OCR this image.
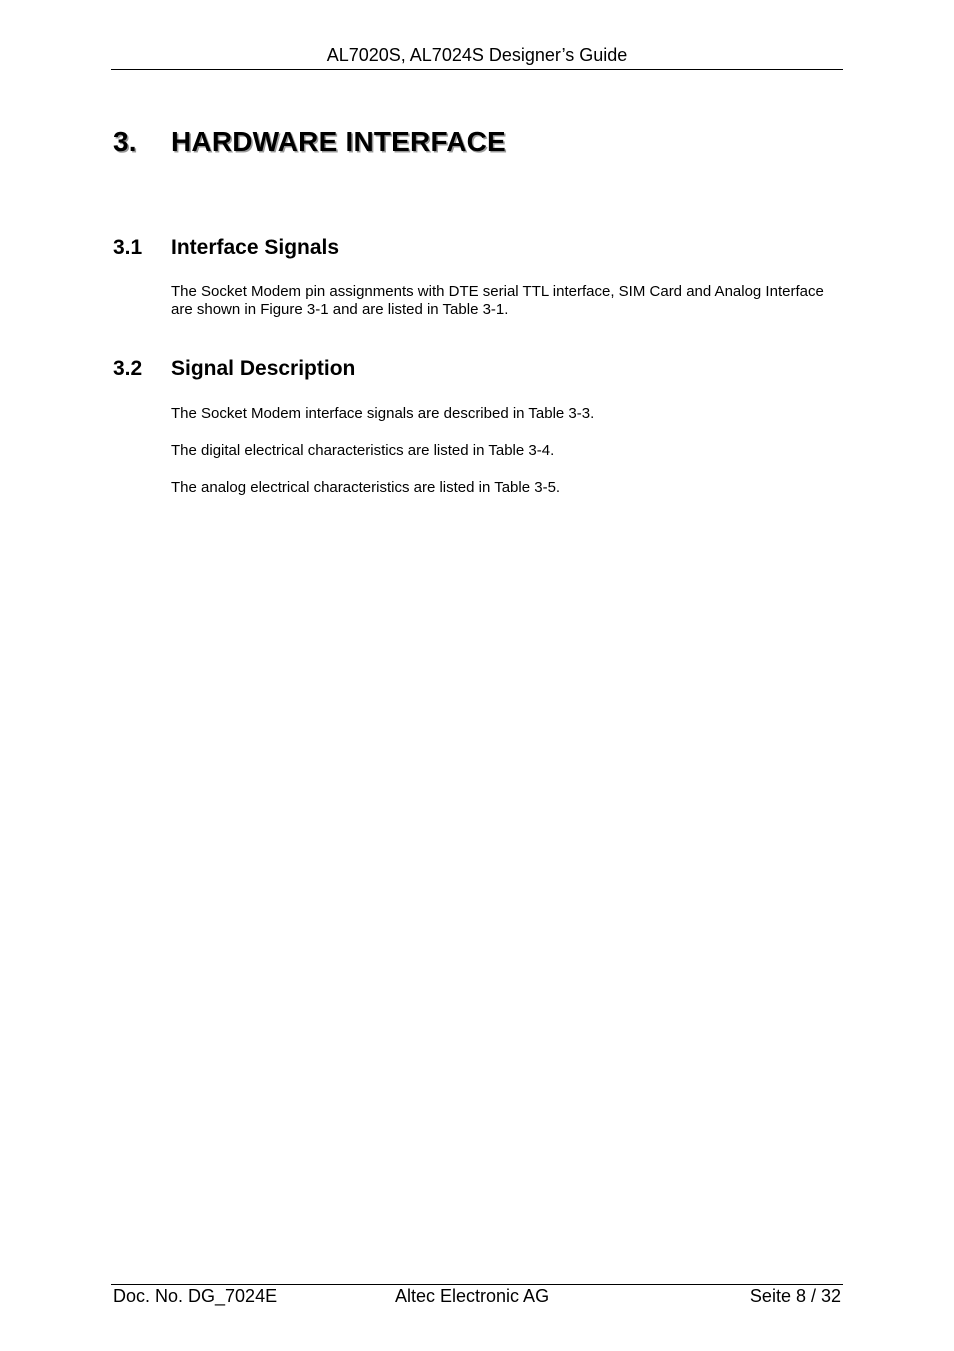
AL7020S, AL7024S Designer’s Guide
3. HARDWARE INTERFACE
3.1 Interface Signals
The Socket Modem pin assignments with DTE serial TTL interface, SIM Card and Analog Interface are shown in Figure 3-1 and are listed in Table 3-1.
3.2 Signal Description
The Socket Modem interface signals are described in Table 3-3.
The digital electrical characteristics are listed in Table 3-4.
The analog electrical characteristics are listed in Table 3-5.
Doc. No. DG_7024E	Altec Electronic AG	Seite 8 / 32
